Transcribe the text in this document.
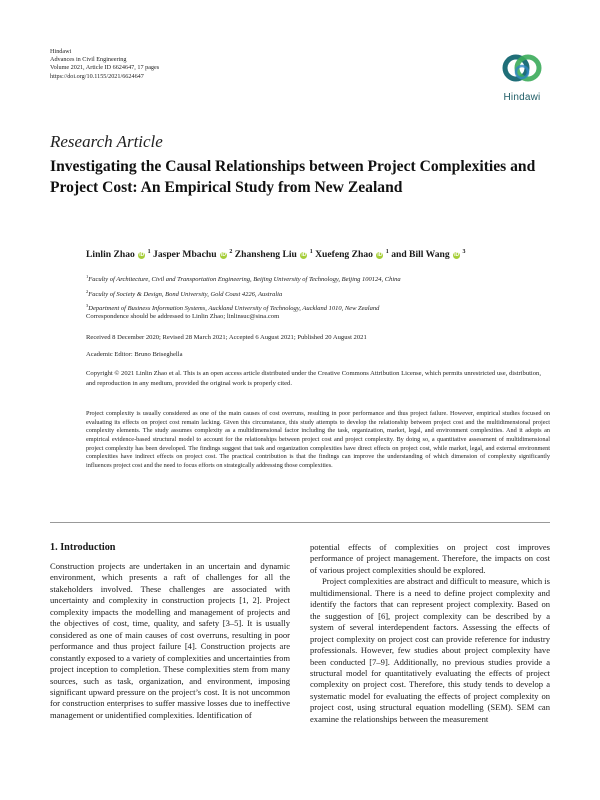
Hindawi
Advances in Civil Engineering
Volume 2021, Article ID 6624647, 17 pages
https://doi.org/10.1155/2021/6624647
Hindawi
Research Article
Investigating the Causal Relationships between Project Complexities and Project Cost: An Empirical Study from New Zealand
Linlin Zhao iD $^1$ Jasper Mbachu iD $^2$ Zhansheng Liu iD $^1$ Xuefeng Zhao iD $^1$ and Bill Wang iD $^3$
$^1$Faculty of Architecture, Civil and Transportation Engineering, Beijing University of Technology, Beijing 100124, China
$^2$Faculty of Society & Design, Bond University, Gold Coast 4226, Australia
$^3$Department of Business Information Systems, Auckland University of Technology, Auckland 1010, New Zealand
Correspondence should be addressed to Linlin Zhao; linlinsuc@sina.com
Received 8 December 2020; Revised 28 March 2021; Accepted 6 August 2021; Published 20 August 2021
Academic Editor: Bruno Briseghella
Copyright © 2021 Linlin Zhao et al. This is an open access article distributed under the Creative Commons Attribution License, which permits unrestricted use, distribution, and reproduction in any medium, provided the original work is properly cited.
Project complexity is usually considered as one of the main causes of cost overruns, resulting in poor performance and thus project failure. However, empirical studies focused on evaluating its effects on project cost remain lacking. Given this circumstance, this study attempts to develop the relationship between project cost and the multidimensional project complexity elements. The study assumes complexity as a multidimensional factor including the task, organization, market, legal, and environment complexities. And it adopts an empirical evidence-based structural model to account for the relationships between project cost and project complexity. By doing so, a quantitative assessment of multidimensional project complexity has been developed. The findings suggest that task and organization complexities have direct effects on project cost, while market, legal, and external environment complexities have indirect effects on project cost. The practical contribution is that the findings can improve the understanding of which dimension of complexity significantly influences project cost and the need to focus efforts on strategically addressing those complexities.
1. Introduction

Construction projects are undertaken in an uncertain and dynamic environment, which presents a raft of challenges for all the stakeholders involved. These challenges are associated with uncertainty and complexity in construction projects [1, 2]. Project complexity impacts the modelling and management of projects and the objectives of cost, time, quality, and safety [3–5]. It is usually considered as one of main causes of cost overruns, resulting in poor performance and thus project failure [4]. Construction projects are constantly exposed to a variety of complexities and uncertainties from project inception to completion. These complexities stem from many sources, such as task, organization, and environment, imposing significant upward pressure on the project’s cost. It is not uncommon for construction enterprises to suffer massive losses due to ineffective management or unidentified complexities. Identification of

potential effects of complexities on project cost improves performance of project management. Therefore, the impacts on cost of various project complexities should be explored.

Project complexities are abstract and difficult to measure, which is multidimensional. There is a need to define project complexity and identify the factors that can represent project complexity. Based on the suggestion of [6], project complexity can be described by a system of several interdependent factors. Assessing the effects of project complexity on project cost can provide reference for industry professionals. However, few studies about project complexity have been conducted [7–9]. Additionally, no previous studies provide a structural model for quantitatively evaluating the effects of project complexity on project cost. Therefore, this study tends to develop a systematic model for evaluating the effects of project complexity on project cost, using structural equation modelling (SEM). SEM can examine the relationships between the measurement
